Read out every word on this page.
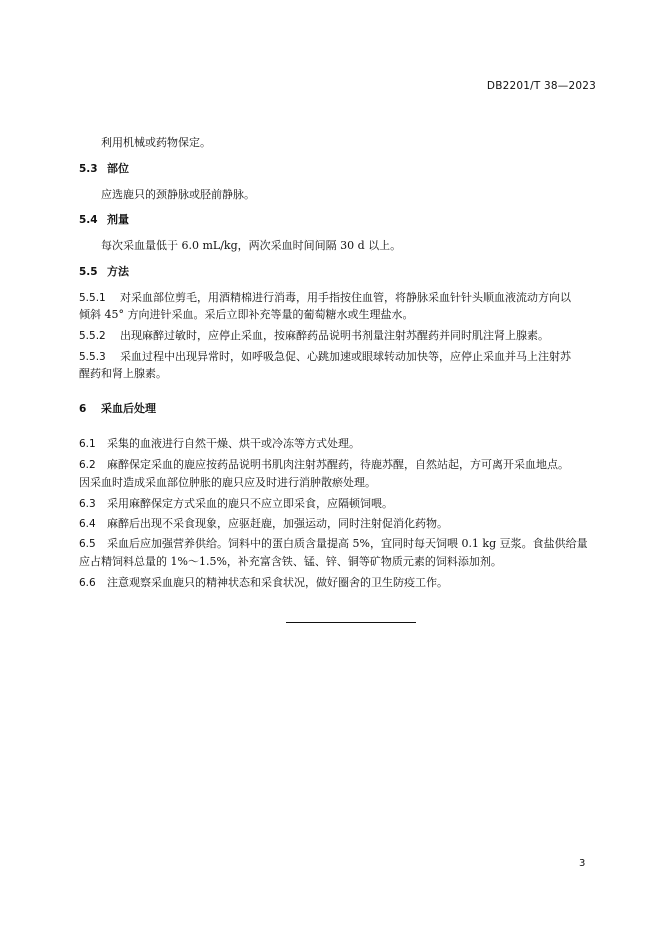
DB2201/T 38—2023
利用机械或药物保定。
5.3 部位
应选鹿只的颈静脉或胫前静脉。
5.4 剂量
每次采血量低于 6.0 mL/kg，两次采血时间间隔 30 d 以上。
5.5 方法
5.5.1 对采血部位剪毛，用酒精棉进行消毒，用手指按住血管，将静脉采血针针头顺血液流动方向以
倾斜 45° 方向进针采血。采后立即补充等量的葡萄糖水或生理盐水。
5.5.2 出现麻醉过敏时，应停止采血，按麻醉药品说明书剂量注射苏醒药并同时肌注肾上腺素。
5.5.3 采血过程中出现异常时，如呼吸急促、心跳加速或眼球转动加快等，应停止采血并马上注射苏
醒药和肾上腺素。
6 采血后处理
6.1 采集的血液进行自然干燥、烘干或冷冻等方式处理。
6.2 麻醉保定采血的鹿应按药品说明书肌肉注射苏醒药，待鹿苏醒，自然站起，方可离开采血地点。
因采血时造成采血部位肿胀的鹿只应及时进行消肿散瘀处理。
6.3 采用麻醉保定方式采血的鹿只不应立即采食，应隔顿饲喂。
6.4 麻醉后出现不采食现象，应驱赶鹿，加强运动，同时注射促消化药物。
6.5 采血后应加强营养供给。饲料中的蛋白质含量提高 5%，宜同时每天饲喂 0.1 kg 豆浆。食盐供给量
应占精饲料总量的 1%～1.5%，补充富含铁、锰、锌、铜等矿物质元素的饲料添加剂。
6.6 注意观察采血鹿只的精神状态和采食状况，做好圈舍的卫生防疫工作。
3
